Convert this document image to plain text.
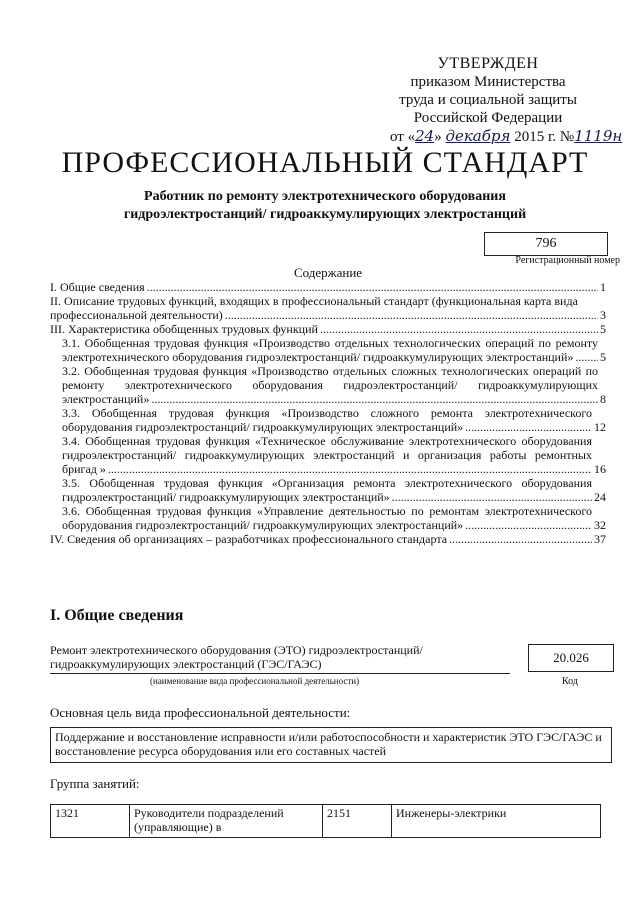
УТВЕРЖДЕН
приказом Министерства
труда и социальной защиты
Российской Федерации
от «24» декабря 2015 г. №1119н
ПРОФЕССИОНАЛЬНЫЙ СТАНДАРТ
Работник по ремонту электротехнического оборудования
гидроэлектростанций/ гидроаккумулирующих электростанций
796
Регистрационный номер
Содержание
I. Общие сведения .....	1
II. Описание трудовых функций, входящих в профессиональный стандарт (функциональная карта вида профессиональной деятельности) .....	3
III. Характеристика обобщенных трудовых функций .....	5
3.1. Обобщенная трудовая функция «Производство отдельных технологических операций по ремонту электротехнического оборудования гидроэлектростанций/ гидроаккумулирующих электростанций» .....	5
3.2. Обобщенная трудовая функция «Производство отдельных сложных технологических операций по ремонту электротехнического оборудования гидроэлектростанций/ гидроаккумулирующих электростанций» .....	8
3.3. Обобщенная трудовая функция «Производство сложного ремонта электротехнического оборудования гидроэлектростанций/ гидроаккумулирующих электростанций» .....	12
3.4. Обобщенная трудовая функция «Техническое обслуживание электротехнического оборудования гидроэлектростанций/ гидроаккумулирующих электростанций и организация работы ремонтных бригад » .....	16
3.5. Обобщенная трудовая функция «Организация ремонта электротехнического оборудования гидроэлектростанций/ гидроаккумулирующих электростанций» .....	24
3.6. Обобщенная трудовая функция «Управление деятельностью по ремонтам электротехнического оборудования гидроэлектростанций/ гидроаккумулирующих электростанций» .....	32
IV. Сведения об организациях – разработчиках профессионального стандарта .....	37
I. Общие сведения
Ремонт электротехнического оборудования (ЭТО) гидроэлектростанций/ гидроаккумулирующих электростанций (ГЭС/ГАЭС)
(наименование вида профессиональной деятельности)
20.026
Код
Основная цель вида профессиональной деятельности:
Поддержание и восстановление исправности и/или работоспособности и характеристик ЭТО ГЭС/ГАЭС и восстановление ресурса оборудования или его составных частей
Группа занятий:
1321	Руководители подразделений (управляющие) в	2151	Инженеры-электрики
